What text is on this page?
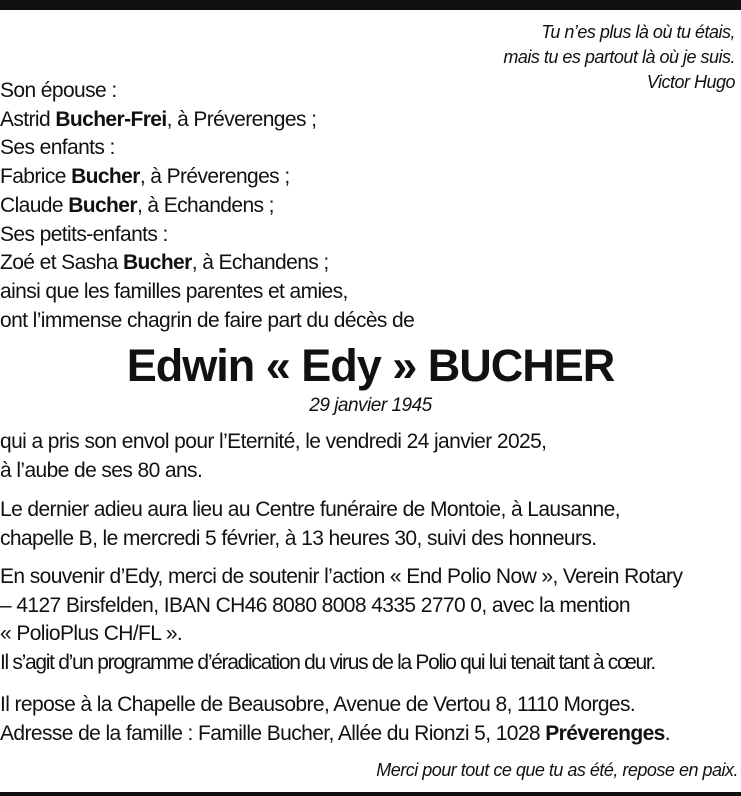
Tu n’es plus là où tu étais,
mais tu es partout là où je suis.
Victor Hugo
Son épouse :
Astrid Bucher-Frei, à Préverenges ;
Ses enfants :
Fabrice Bucher, à Préverenges ;
Claude Bucher, à Echandens ;
Ses petits-enfants :
Zoé et Sasha Bucher, à Echandens ;
ainsi que les familles parentes et amies,
ont l’immense chagrin de faire part du décès de
Edwin « Edy » BUCHER
29 janvier 1945
qui a pris son envol pour l’Eternité, le vendredi 24 janvier 2025,
à l’aube de ses 80 ans.
Le dernier adieu aura lieu au Centre funéraire de Montoie, à Lausanne,
chapelle B, le mercredi 5 février, à 13 heures 30, suivi des honneurs.
En souvenir d’Edy, merci de soutenir l’action « End Polio Now », Verein Rotary
– 4127 Birsfelden, IBAN CH46 8080 8008 4335 2770 0, avec la mention
« PolioPlus CH/FL ».
Il s’agit d’un programme d’éradication du virus de la Polio qui lui tenait tant à cœur.
Il repose à la Chapelle de Beausobre, Avenue de Vertou 8, 1110 Morges.
Adresse de la famille : Famille Bucher, Allée du Rionzi 5, 1028 Préverenges.
Merci pour tout ce que tu as été, repose en paix.
